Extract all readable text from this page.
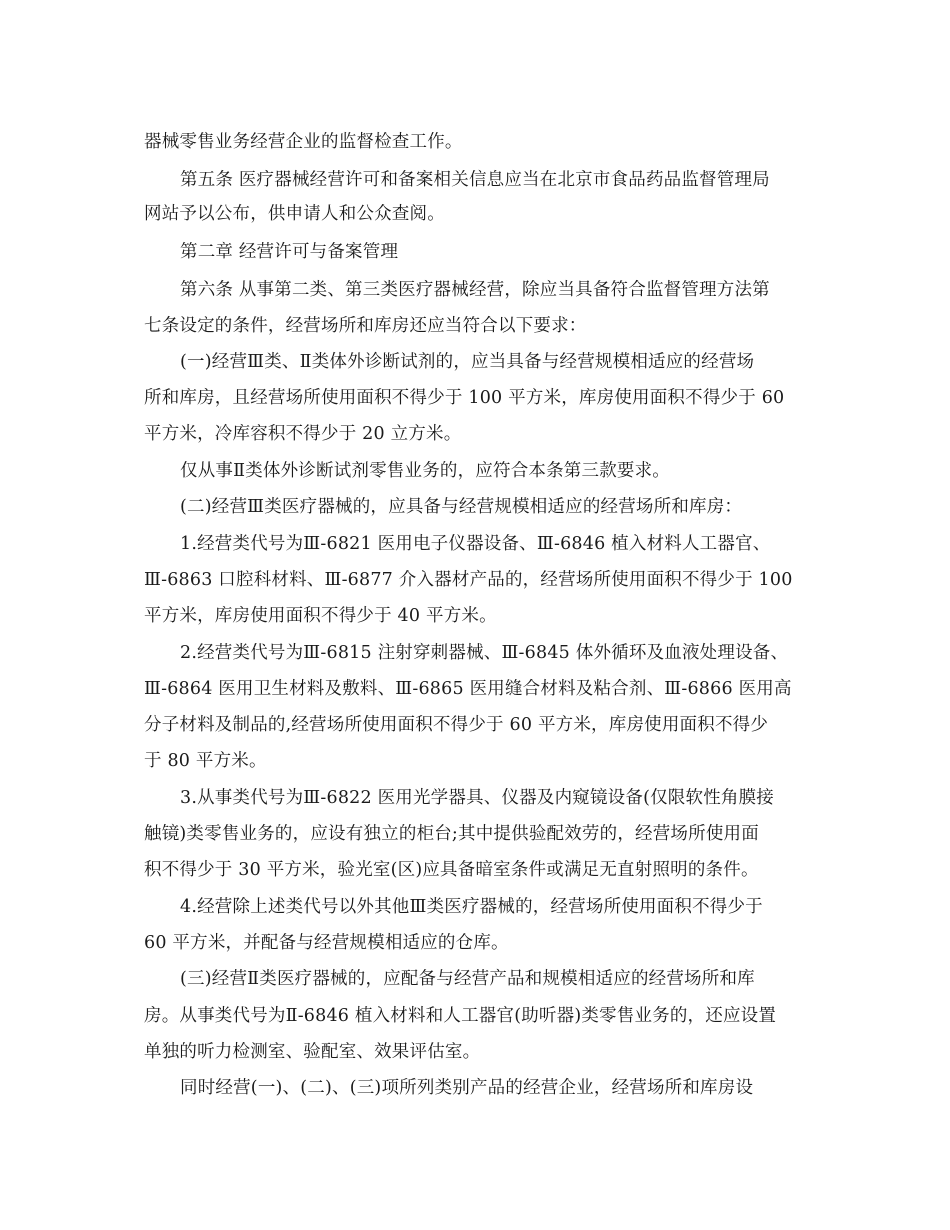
器械零售业务经营企业的监督检查工作。
第五条 医疗器械经营许可和备案相关信息应当在北京市食品药品监督管理局
网站予以公布，供申请人和公众查阅。
第二章 经营许可与备案管理
第六条 从事第二类、第三类医疗器械经营，除应当具备符合监督管理方法第
七条设定的条件，经营场所和库房还应当符合以下要求：
(一)经营Ⅲ类、Ⅱ类体外诊断试剂的，应当具备与经营规模相适应的经营场
所和库房，且经营场所使用面积不得少于 100 平方米，库房使用面积不得少于 60
平方米，冷库容积不得少于 20 立方米。
仅从事Ⅱ类体外诊断试剂零售业务的，应符合本条第三款要求。
(二)经营Ⅲ类医疗器械的，应具备与经营规模相适应的经营场所和库房：
1.经营类代号为Ⅲ-6821 医用电子仪器设备、Ⅲ-6846 植入材料人工器官、
Ⅲ-6863 口腔科材料、Ⅲ-6877 介入器材产品的，经营场所使用面积不得少于 100
平方米，库房使用面积不得少于 40 平方米。
2.经营类代号为Ⅲ-6815 注射穿刺器械、Ⅲ-6845 体外循环及血液处理设备、
Ⅲ-6864 医用卫生材料及敷料、Ⅲ-6865 医用缝合材料及粘合剂、Ⅲ-6866 医用高
分子材料及制品的,经营场所使用面积不得少于 60 平方米，库房使用面积不得少
于 80 平方米。
3.从事类代号为Ⅲ-6822 医用光学器具、仪器及内窥镜设备(仅限软性角膜接
触镜)类零售业务的，应设有独立的柜台;其中提供验配效劳的，经营场所使用面
积不得少于 30 平方米，验光室(区)应具备暗室条件或满足无直射照明的条件。
4.经营除上述类代号以外其他Ⅲ类医疗器械的，经营场所使用面积不得少于
60 平方米，并配备与经营规模相适应的仓库。
(三)经营Ⅱ类医疗器械的，应配备与经营产品和规模相适应的经营场所和库
房。从事类代号为Ⅱ-6846 植入材料和人工器官(助听器)类零售业务的，还应设置
单独的听力检测室、验配室、效果评估室。
同时经营(一)、(二)、(三)项所列类别产品的经营企业，经营场所和库房设
